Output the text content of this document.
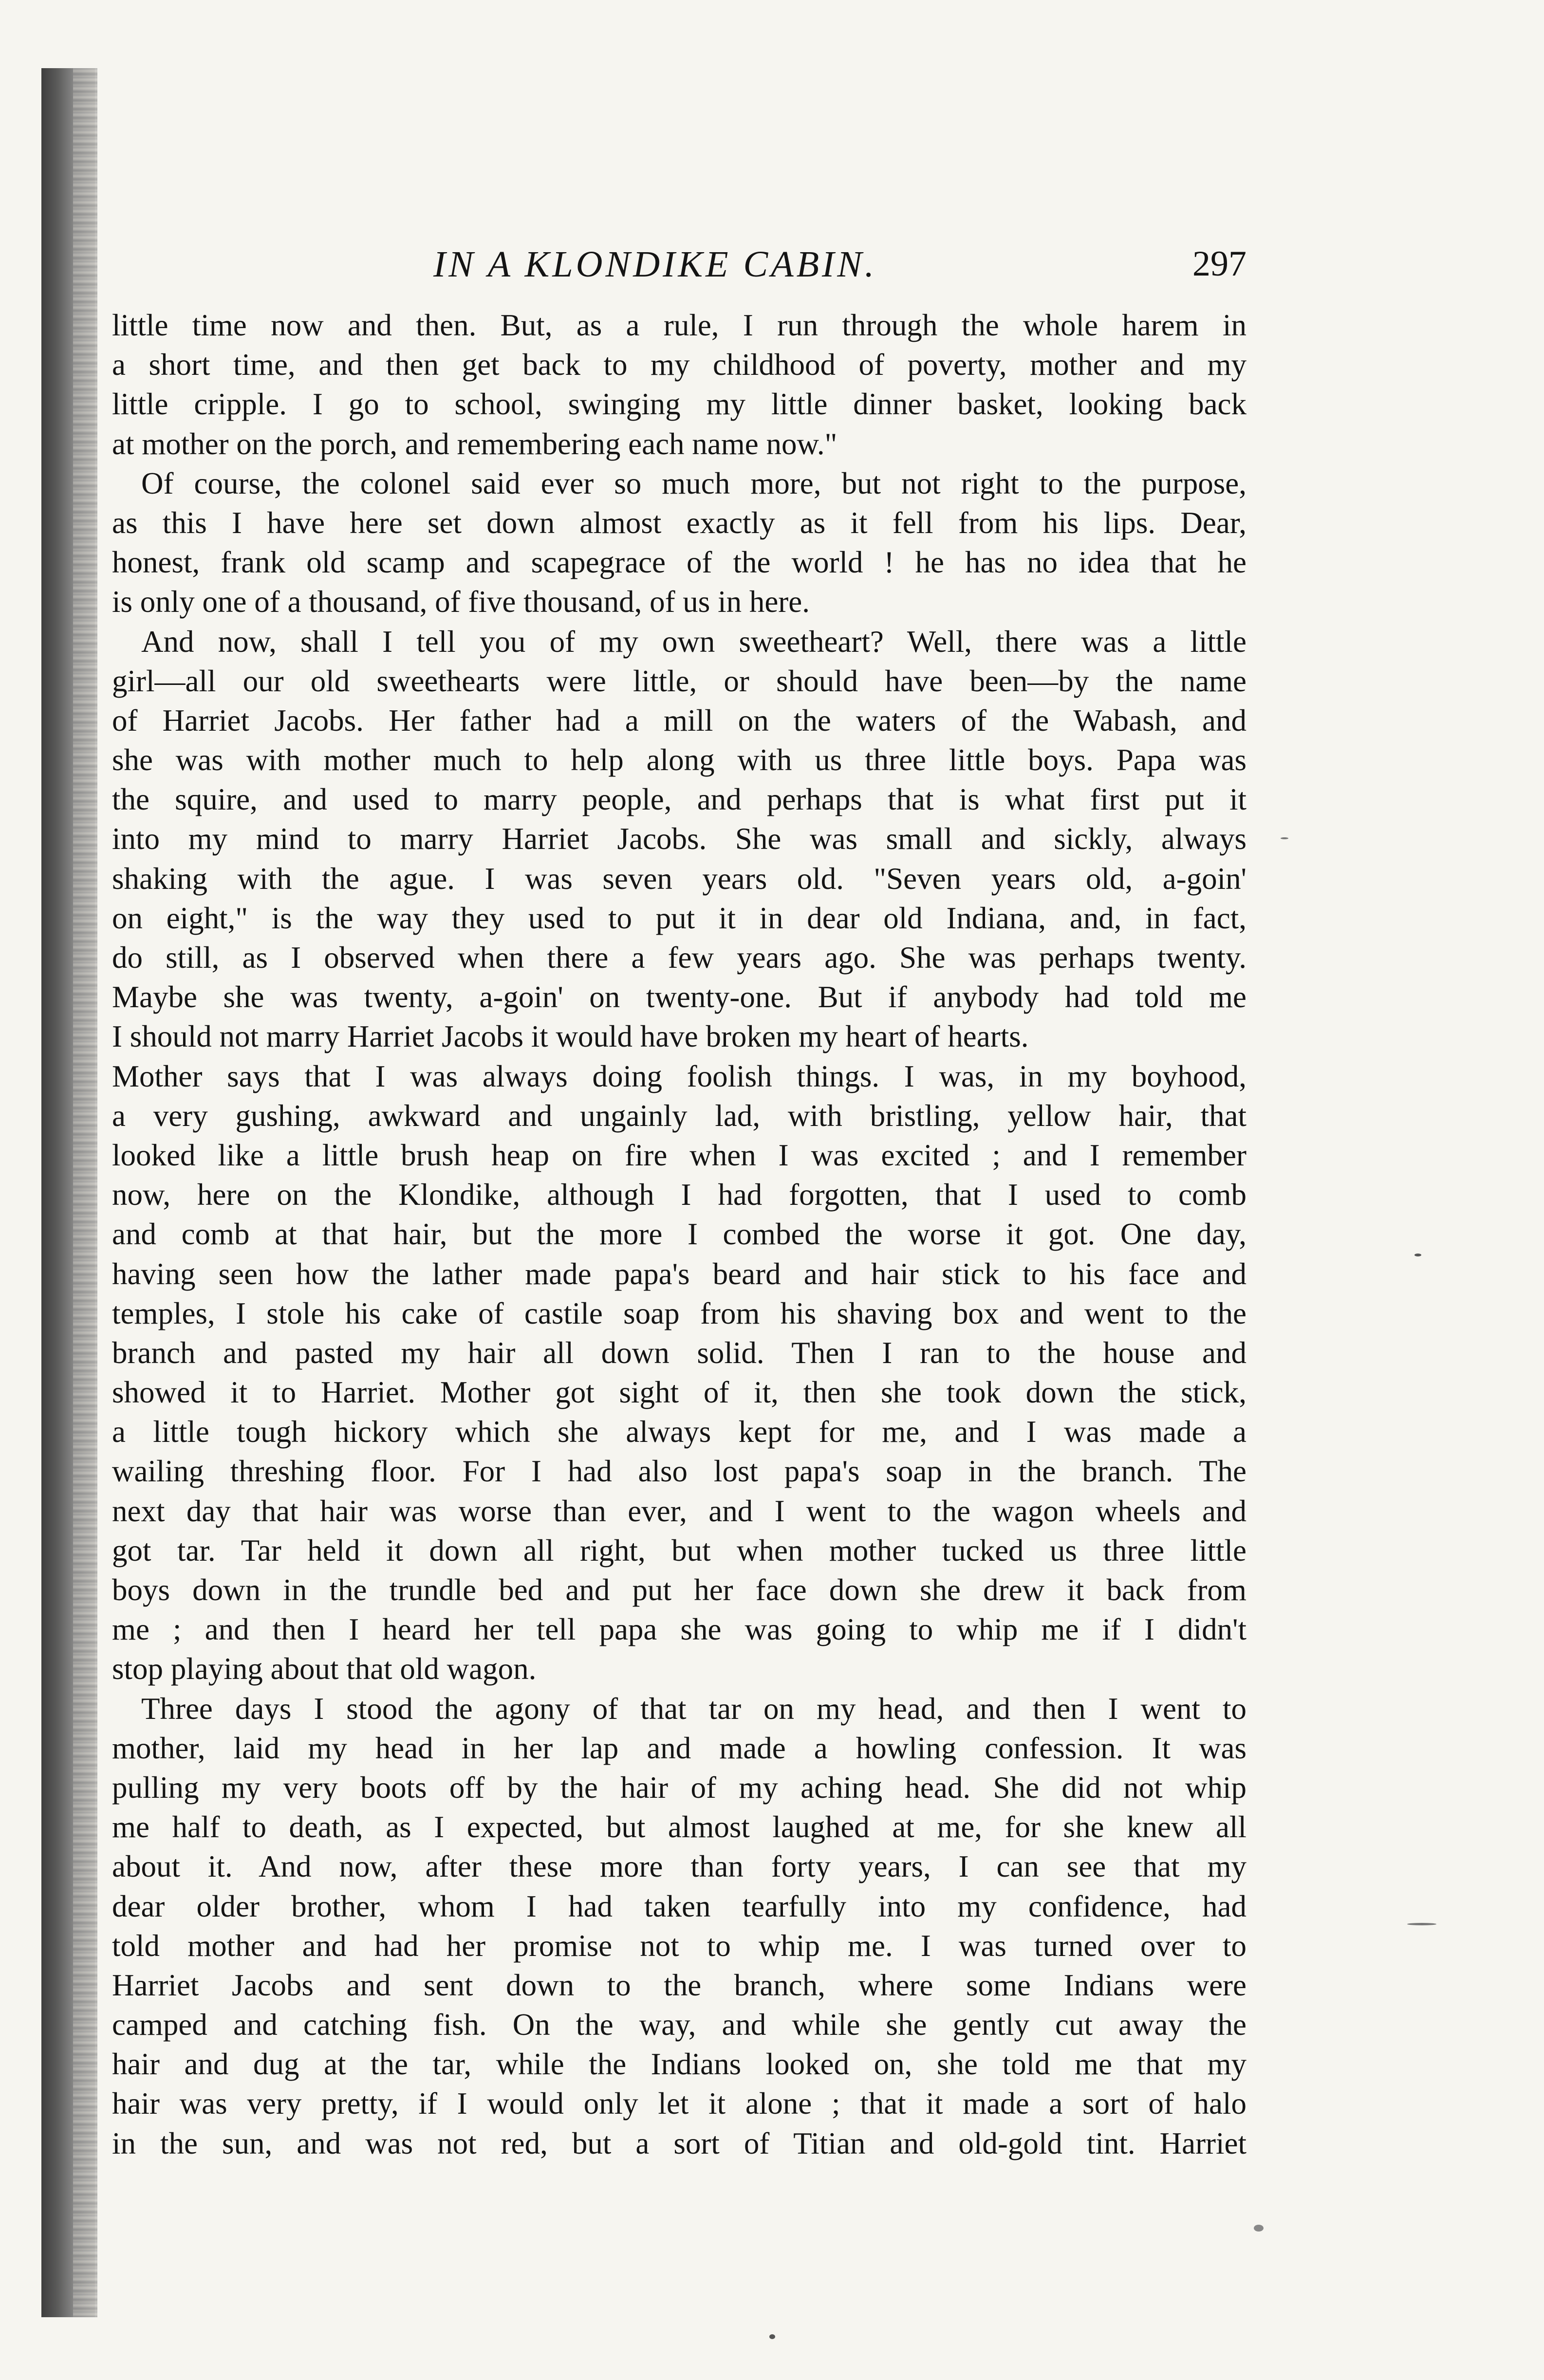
IN A KLONDIKE CABIN.	297
little time now and then. But, as a rule, I run through the whole harem in
a short time, and then get back to my childhood of poverty, mother and my
little cripple. I go to school, swinging my little dinner basket, looking back
at mother on the porch, and remembering each name now."
Of course, the colonel said ever so much more, but not right to the purpose,
as this I have here set down almost exactly as it fell from his lips. Dear,
honest, frank old scamp and scapegrace of the world ! he has no idea that he
is only one of a thousand, of five thousand, of us in here.
And now, shall I tell you of my own sweetheart? Well, there was a little
girl—all our old sweethearts were little, or should have been—by the name
of Harriet Jacobs. Her father had a mill on the waters of the Wabash, and
she was with mother much to help along with us three little boys. Papa was
the squire, and used to marry people, and perhaps that is what first put it
into my mind to marry Harriet Jacobs. She was small and sickly, always
shaking with the ague. I was seven years old. "Seven years old, a-goin'
on eight," is the way they used to put it in dear old Indiana, and, in fact,
do still, as I observed when there a few years ago. She was perhaps twenty.
Maybe she was twenty, a-goin' on twenty-one. But if anybody had told me
I should not marry Harriet Jacobs it would have broken my heart of hearts.
Mother says that I was always doing foolish things. I was, in my boyhood,
a very gushing, awkward and ungainly lad, with bristling, yellow hair, that
looked like a little brush heap on fire when I was excited ; and I remember
now, here on the Klondike, although I had forgotten, that I used to comb
and comb at that hair, but the more I combed the worse it got. One day,
having seen how the lather made papa's beard and hair stick to his face and
temples, I stole his cake of castile soap from his shaving box and went to the
branch and pasted my hair all down solid. Then I ran to the house and
showed it to Harriet. Mother got sight of it, then she took down the stick,
a little tough hickory which she always kept for me, and I was made a
wailing threshing floor. For I had also lost papa's soap in the branch. The
next day that hair was worse than ever, and I went to the wagon wheels and
got tar. Tar held it down all right, but when mother tucked us three little
boys down in the trundle bed and put her face down she drew it back from
me ; and then I heard her tell papa she was going to whip me if I didn't
stop playing about that old wagon.
Three days I stood the agony of that tar on my head, and then I went to
mother, laid my head in her lap and made a howling confession. It was
pulling my very boots off by the hair of my aching head. She did not whip
me half to death, as I expected, but almost laughed at me, for she knew all
about it. And now, after these more than forty years, I can see that my
dear older brother, whom I had taken tearfully into my confidence, had
told mother and had her promise not to whip me. I was turned over to
Harriet Jacobs and sent down to the branch, where some Indians were
camped and catching fish. On the way, and while she gently cut away the
hair and dug at the tar, while the Indians looked on, she told me that my
hair was very pretty, if I would only let it alone ; that it made a sort of halo
in the sun, and was not red, but a sort of Titian and old-gold tint. Harriet
